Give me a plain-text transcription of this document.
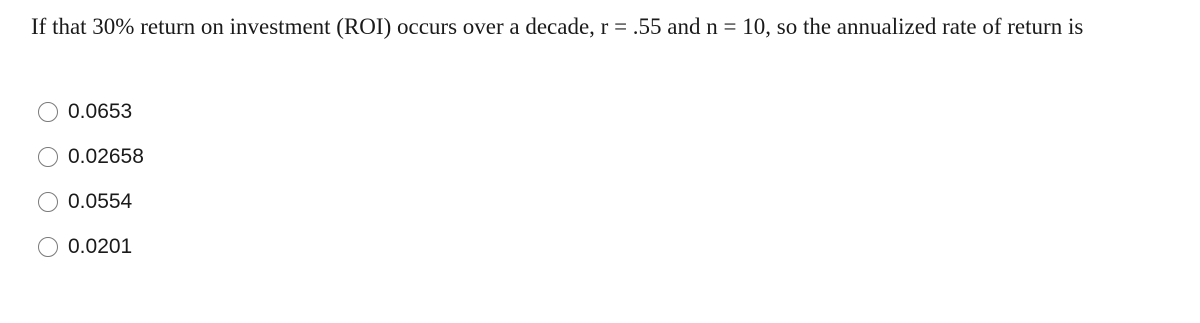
If that 30% return on investment (ROI) occurs over a decade, r = .55 and n = 10, so the annualized rate of return is

0.0653
0.02658
0.0554
0.0201
